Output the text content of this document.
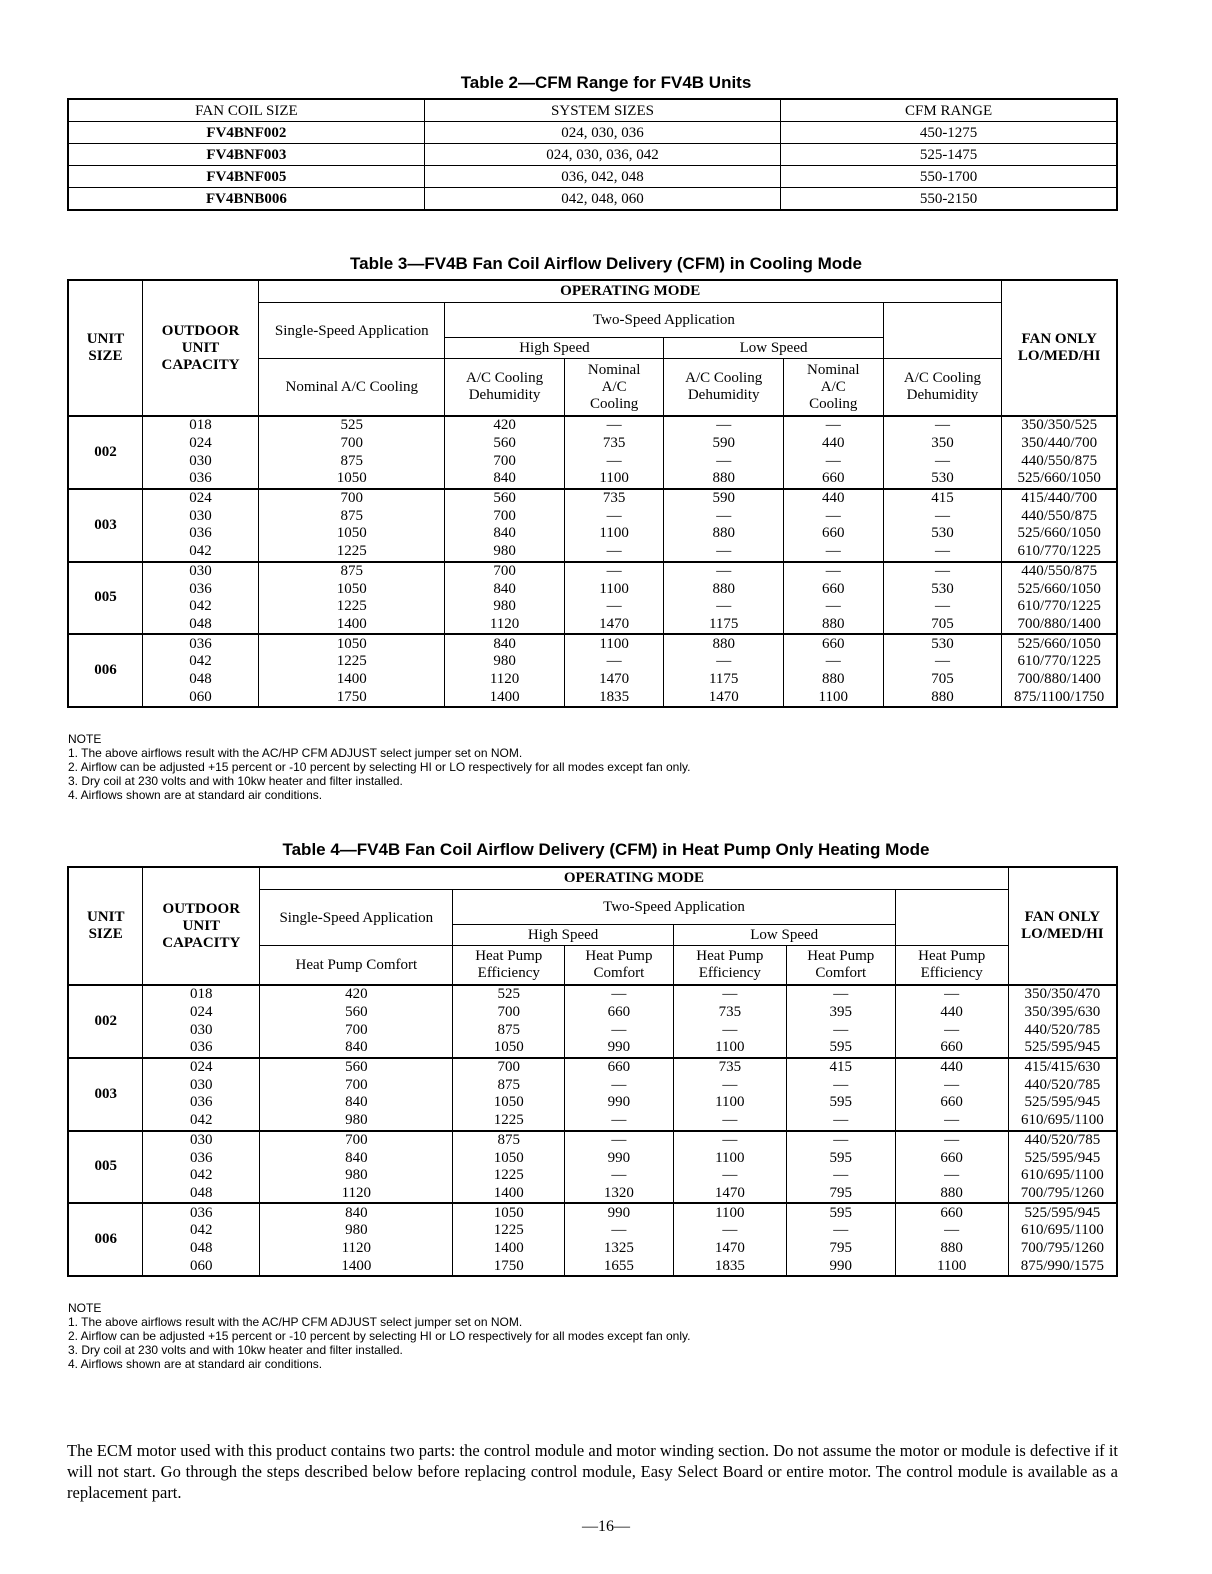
Table 2—CFM Range for FV4B Units
FAN COIL SIZE	SYSTEM SIZES	CFM RANGE
FV4BNF002	024, 030, 036	450-1275
FV4BNF003	024, 030, 036, 042	525-1475
FV4BNF005	036, 042, 048	550-1700
FV4BNB006	042, 048, 060	550-2150
Table 3—FV4B Fan Coil Airflow Delivery (CFM) in Cooling Mode
UNIT SIZE	OUTDOOR UNIT CAPACITY	OPERATING MODE						FAN ONLY LO/MED/HI
		Single-Speed Application	Two-Speed Application					
			High Speed		Low Speed			
		Nominal A/C Cooling	A/C Cooling Dehumidity	Nominal A/C Cooling	A/C Cooling Dehumidity	Nominal A/C Cooling	A/C Cooling Dehumidity	
002	018	525	420	—	—	—	—	350/350/525
	024	700	560	735	590	440	350	350/440/700
	030	875	700	—	—	—	—	440/550/875
	036	1050	840	1100	880	660	530	525/660/1050
003	024	700	560	735	590	440	415	415/440/700
	030	875	700	—	—	—	—	440/550/875
	036	1050	840	1100	880	660	530	525/660/1050
	042	1225	980	—	—	—	—	610/770/1225
005	030	875	700	—	—	—	—	440/550/875
	036	1050	840	1100	880	660	530	525/660/1050
	042	1225	980	—	—	—	—	610/770/1225
	048	1400	1120	1470	1175	880	705	700/880/1400
006	036	1050	840	1100	880	660	530	525/660/1050
	042	1225	980	—	—	—	—	610/770/1225
	048	1400	1120	1470	1175	880	705	700/880/1400
	060	1750	1400	1835	1470	1100	880	875/1100/1750
NOTE
1. The above airflows result with the AC/HP CFM ADJUST select jumper set on NOM.
2. Airflow can be adjusted +15 percent or -10 percent by selecting HI or LO respectively for all modes except fan only.
3. Dry coil at 230 volts and with 10kw heater and filter installed.
4. Airflows shown are at standard air conditions.
Table 4—FV4B Fan Coil Airflow Delivery (CFM) in Heat Pump Only Heating Mode
UNIT SIZE	OUTDOOR UNIT CAPACITY	OPERATING MODE						FAN ONLY LO/MED/HI
		Single-Speed Application	Two-Speed Application					
			High Speed		Low Speed			
		Heat Pump Comfort	Heat Pump Efficiency	Heat Pump Comfort	Heat Pump Efficiency	Heat Pump Comfort	Heat Pump Efficiency	
002	018	420	525	—	—	—	—	350/350/470
	024	560	700	660	735	395	440	350/395/630
	030	700	875	—	—	—	—	440/520/785
	036	840	1050	990	1100	595	660	525/595/945
003	024	560	700	660	735	415	440	415/415/630
	030	700	875	—	—	—	—	440/520/785
	036	840	1050	990	1100	595	660	525/595/945
	042	980	1225	—	—	—	—	610/695/1100
005	030	700	875	—	—	—	—	440/520/785
	036	840	1050	990	1100	595	660	525/595/945
	042	980	1225	—	—	—	—	610/695/1100
	048	1120	1400	1320	1470	795	880	700/795/1260
006	036	840	1050	990	1100	595	660	525/595/945
	042	980	1225	—	—	—	—	610/695/1100
	048	1120	1400	1325	1470	795	880	700/795/1260
	060	1400	1750	1655	1835	990	1100	875/990/1575
NOTE
1. The above airflows result with the AC/HP CFM ADJUST select jumper set on NOM.
2. Airflow can be adjusted +15 percent or -10 percent by selecting HI or LO respectively for all modes except fan only.
3. Dry coil at 230 volts and with 10kw heater and filter installed.
4. Airflows shown are at standard air conditions.
The ECM motor used with this product contains two parts: the control module and motor winding section. Do not assume the motor or module is defective if it will not start. Go through the steps described below before replacing control module, Easy Select Board or entire motor. The control module is available as a replacement part.
—16—
